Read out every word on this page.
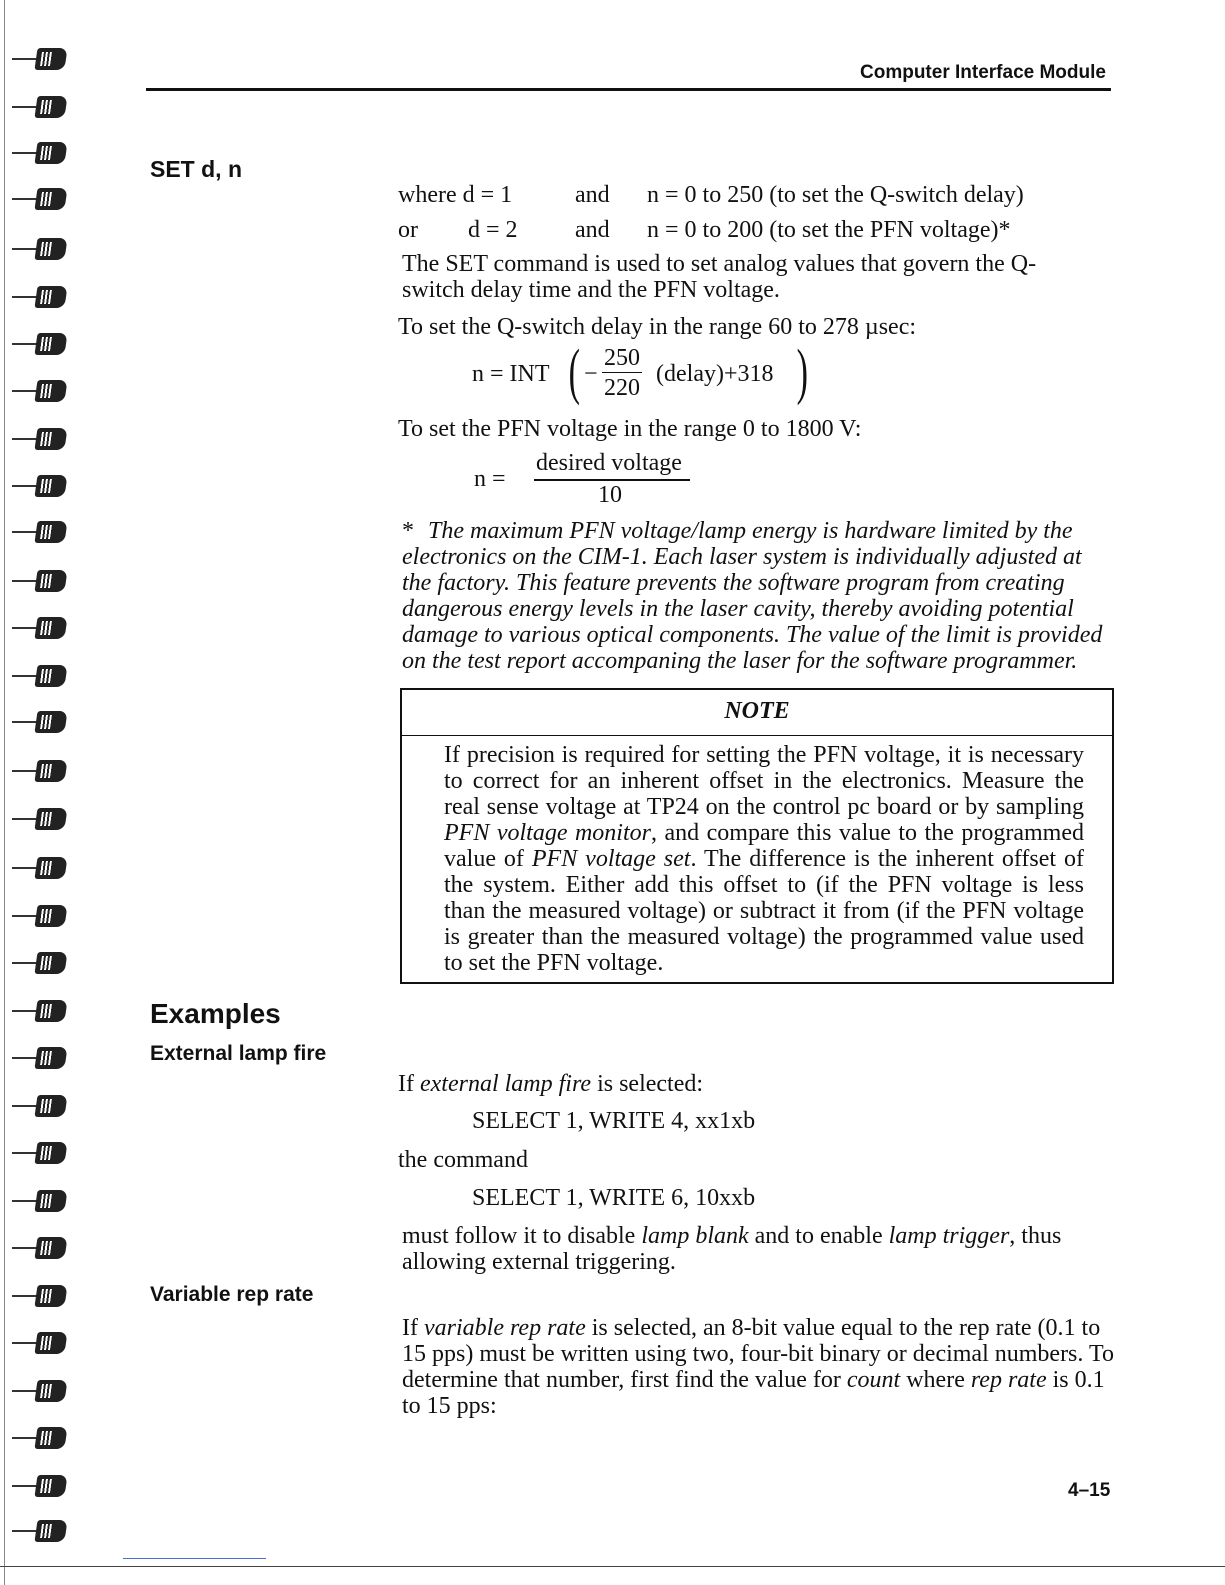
Computer Interface Module
SET d, n
where d = 1	and n = 0 to 250 (to set the Q-switch delay)
or d = 2 and n = 0 to 200 (to set the PFN voltage)*
The SET command is used to set analog values that govern the Q-switch delay time and the PFN voltage.
To set the Q-switch delay in the range 60 to 278 µsec:
n = INT ( −
250
220
(delay)+318 )
To set the PFN voltage in the range 0 to 1800 V:
n =
desired voltage
10
* The maximum PFN voltage/lamp energy is hardware limited by the electronics on the CIM-1. Each laser system is individually adjusted at the factory. This feature prevents the software program from creating dangerous energy levels in the laser cavity, thereby avoiding potential damage to various optical components. The value of the limit is provided on the test report accompaning the laser for the software programmer.
NOTE
If precision is required for setting the PFN voltage, it is necessary to correct for an inherent offset in the electronics. Measure the real sense voltage at TP24 on the control pc board or by sampling PFN voltage monitor, and compare this value to the programmed value of PFN voltage set. The difference is the inherent offset of the system. Either add this offset to (if the PFN voltage is less than the measured voltage) or subtract it from (if the PFN voltage is greater than the measured voltage) the programmed value used to set the PFN voltage.
Examples
External lamp fire
If external lamp fire is selected:
SELECT 1, WRITE 4, xx1xb
the command
SELECT 1, WRITE 6, 10xxb
must follow it to disable lamp blank and to enable lamp trigger, thus allowing external triggering.
Variable rep rate
If variable rep rate is selected, an 8-bit value equal to the rep rate (0.1 to 15 pps) must be written using two, four-bit binary or decimal numbers. To determine that number, first find the value for count where rep rate is 0.1 to 15 pps:
4–15
